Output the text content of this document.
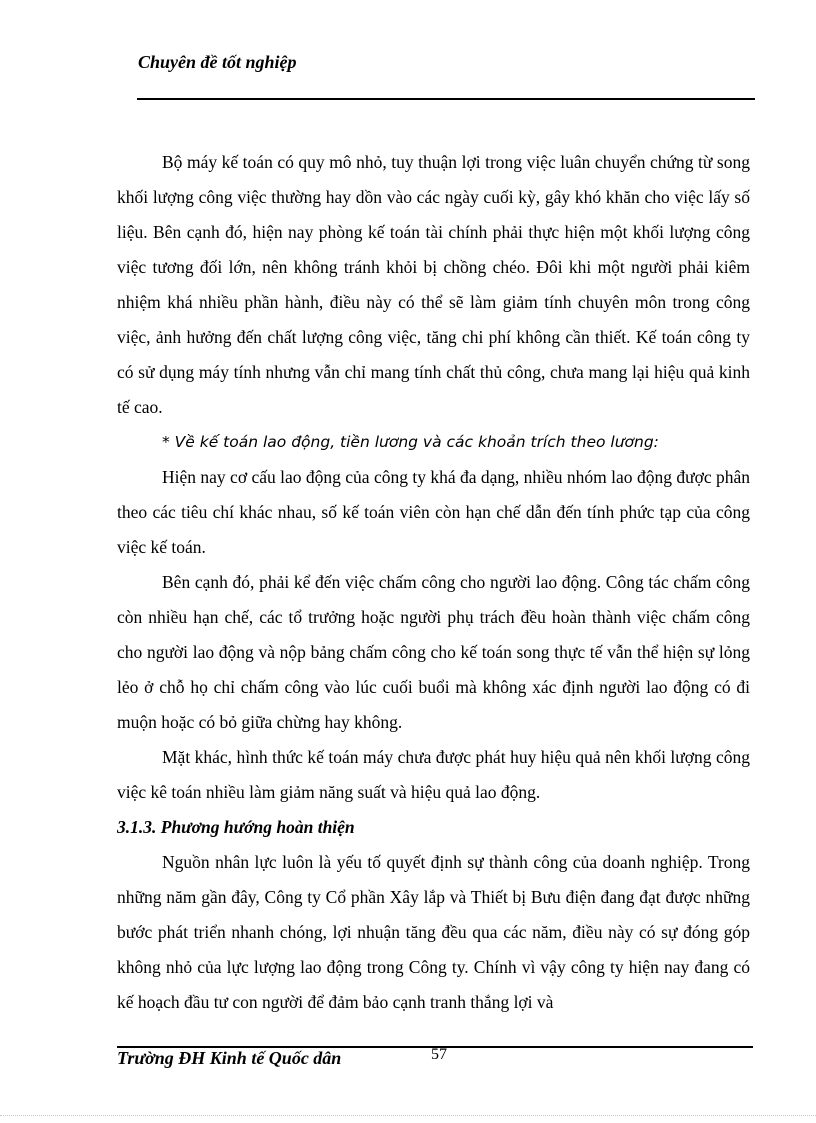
Chuyên đề tốt nghiệp

Bộ máy kế toán có quy mô nhỏ, tuy thuận lợi trong việc luân chuyển chứng từ song khối lượng công việc thường hay dồn vào các ngày cuối kỳ, gây khó khăn cho việc lấy số liệu. Bên cạnh đó, hiện nay phòng kế toán tài chính phải thực hiện một khối lượng công việc tương đối lớn, nên không tránh khỏi bị chồng chéo. Đôi khi một người phải kiêm nhiệm khá nhiều phần hành, điều này có thể sẽ làm giảm tính chuyên môn trong công việc, ảnh hưởng đến chất lượng công việc, tăng chi phí không cần thiết. Kế toán công ty có sử dụng máy tính nhưng vẫn chỉ mang tính chất thủ công, chưa mang lại hiệu quả kinh tế cao.

* Về kế toán lao động, tiền lương và các khoản trích theo lương:

Hiện nay cơ cấu lao động của công ty khá đa dạng, nhiều nhóm lao động được phân theo các tiêu chí khác nhau, số kế toán viên còn hạn chế dẫn đến tính phức tạp của công việc kế toán.

Bên cạnh đó, phải kể đến việc chấm công cho người lao động. Công tác chấm công còn nhiều hạn chế, các tổ trưởng hoặc người phụ trách đều hoàn thành việc chấm công cho người lao động và nộp bảng chấm công cho kế toán song thực tế vẫn thể hiện sự lỏng lẻo ở chỗ họ chỉ chấm công vào lúc cuối buổi mà không xác định người lao động có đi muộn hoặc có bỏ giữa chừng hay không.

Mặt khác, hình thức kế toán máy chưa được phát huy hiệu quả nên khối lượng công việc kê toán nhiều làm giảm năng suất và hiệu quả lao động.

3.1.3. Phương hướng hoàn thiện

Nguồn nhân lực luôn là yếu tố quyết định sự thành công của doanh nghiệp. Trong những năm gần đây, Công ty Cổ phần Xây lắp và Thiết bị Bưu điện đang đạt được những bước phát triển nhanh chóng, lợi nhuận tăng đều qua các năm, điều này có sự đóng góp không nhỏ của lực lượng lao động trong Công ty. Chính vì vậy công ty hiện nay đang có kế hoạch đầu tư con người để đảm bảo cạnh tranh thắng lợi và

Trường ĐH Kinh tế Quốc dân	57
